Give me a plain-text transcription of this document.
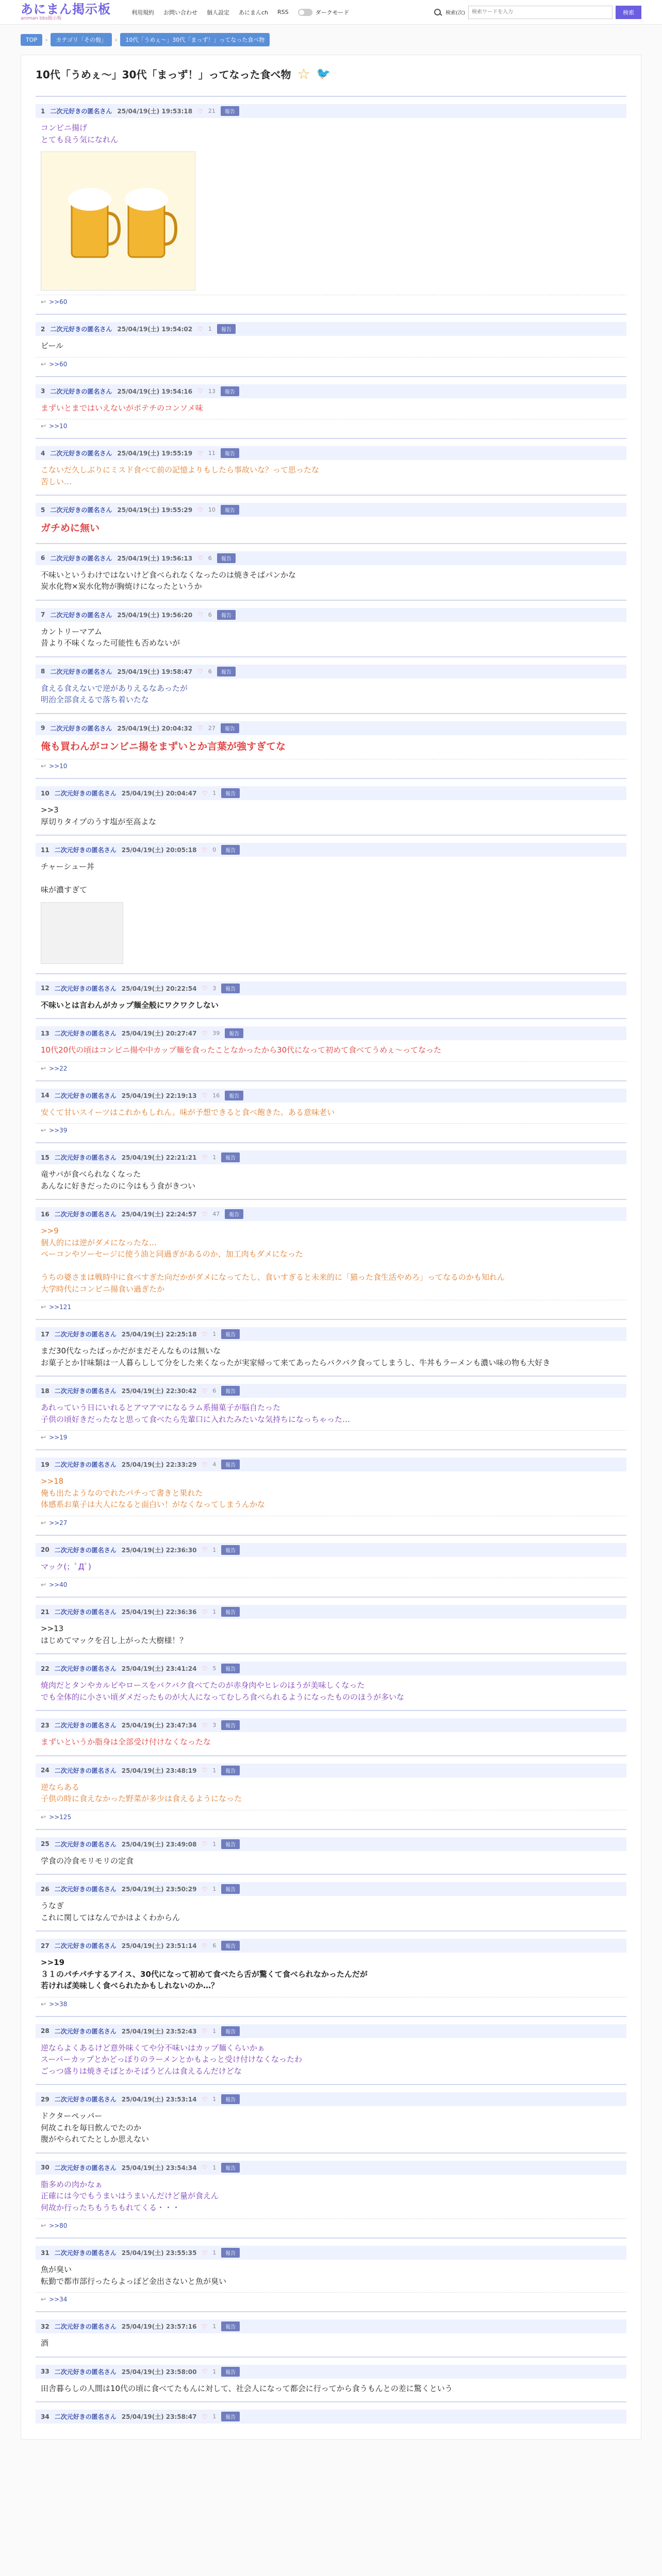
あにまん掲示板
animan bbs掲示板
利用規約 お問い合わせ 個人設定 あにまんch RSS	ダークモード	検索(次)
検索ワードを入力	検索
TOP	›	カテゴリ「その他」	›	10代「うめぇ〜」30代「まっず！」ってなった食べ物
10代「うめぇ〜」30代「まっず！」ってなった食べ物 ☆ 🐦
1 二次元好きの匿名さん 25/04/19(土) 19:53:18 ♡ 21	報告
コンビニ揚げ
とても良う気になれん
↩ >>60
2 二次元好きの匿名さん 25/04/19(土) 19:54:02 ♡ 1	報告
ビール
↩ >>60
3 二次元好きの匿名さん 25/04/19(土) 19:54:16 ♡ 13	報告
まずいとまではいえないがポテチのコンソメ味
↩ >>10
4 二次元好きの匿名さん 25/04/19(土) 19:55:19 ♡ 11	報告
こないだ久しぶりにミスド食べて前の記憶よりもしたら事故いな？って思ったな
苦しい…
5 二次元好きの匿名さん 25/04/19(土) 19:55:29 ♡ 10	報告
ガチめに無い
6 二次元好きの匿名さん 25/04/19(土) 19:56:13 ♡ 6	報告
不味いというわけではないけど食べられなくなったのは焼きそばパンかな
炭水化物×炭水化物が胸焼けになったというか
7 二次元好きの匿名さん 25/04/19(土) 19:56:20 ♡ 6	報告
カントリーマアム
昔より不味くなった可能性も否めないが
8 二次元好きの匿名さん 25/04/19(土) 19:58:47 ♡ 6	報告
食える食えないで逆がありえるなあったが
明治全部食えるで落ち着いたな
9 二次元好きの匿名さん 25/04/19(土) 20:04:32 ♡ 27	報告
俺も買わんがコンビニ揚をまずいとか言葉が強すぎてな
↩ >>10
10 二次元好きの匿名さん 25/04/19(土) 20:04:47 ♡ 1	報告
>>3
厚切りタイプのうす塩が至高よな
11 二次元好きの匿名さん 25/04/19(土) 20:05:18 ♡ 0	報告
チャーシュー丼

味が濃すぎて
12 二次元好きの匿名さん 25/04/19(土) 20:22:54 ♡ 3	報告
不味いとは言わんがカップ麺全般にワクワクしない
13 二次元好きの匿名さん 25/04/19(土) 20:27:47 ♡ 39	報告
10代20代の頃はコンビニ揚や中カップ麺を食ったことなかったから30代になって初めて食べてうめぇ〜ってなった
↩ >>22
14 二次元好きの匿名さん 25/04/19(土) 22:19:13 ♡ 16	報告
安くて甘いスイーツはこれかもしれん。味が予想できると食べ飽きた。ある意味老い
↩ >>39
15 二次元好きの匿名さん 25/04/19(土) 22:21:21 ♡ 1	報告
竜サバが食べられなくなった
あんなに好きだったのに今はもう食がきつい
16 二次元好きの匿名さん 25/04/19(土) 22:24:57 ♡ 47	報告
>>9
個人的には逆がダメになったな…
ベーコンやソーセージに使う油と同過ぎがあるのか、加工肉もダメになった

うちの婆さまは戦時中に食べすぎた向だかがダメになってたし、食いすぎると未来的に「猫った食生活やめろ」ってなるのかも知れん
大学時代にコンビニ揚食い過ぎたか
↩ >>121
17 二次元好きの匿名さん 25/04/19(土) 22:25:18 ♡ 1	報告
まだ30代なったばっかだがまだそんなものは無いな
お菓子とか甘味類は一人暮らしして分をした来くなったが実家帰って来てあったらバクバク食ってしまうし、牛丼もラーメンも濃い味の物も大好き
18 二次元好きの匿名さん 25/04/19(土) 22:30:42 ♡ 6	報告
あれっていう日にいれるとアマアマになるラム系揚菓子が脳自たった
子供の頃好きだったなと思って食べたら先輩口に入れたみたいな気持ちになっちゃった…
↩ >>19
19 二次元好きの匿名さん 25/04/19(土) 22:33:29 ♡ 4	報告
>>18
俺も出たようなのでれたパチって書きと果れた
体感系お菓子は大人になると面白い！がなくなってしまうんかな
↩ >>27
20 二次元好きの匿名さん 25/04/19(土) 22:36:30 ♡ 1	報告
マック(；ﾟДﾟ)
↩ >>40
21 二次元好きの匿名さん 25/04/19(土) 22:36:36 ♡ 1	報告
>>13
はじめてマックを召し上がった大樹様！？
22 二次元好きの匿名さん 25/04/19(土) 23:41:24 ♡ 5	報告
焼肉だとタンやカルビやロースをバクバク食べてたのが赤身肉やヒレのほうが美味しくなった
でも全体的に小さい頃ダメだったものが大人になってむしろ食べられるようになったもののほうが多いな
23 二次元好きの匿名さん 25/04/19(土) 23:47:34 ♡ 3	報告
まずいというか脂身は全部受け付けなくなったな
24 二次元好きの匿名さん 25/04/19(土) 23:48:19 ♡ 1	報告
逆ならある
子供の時に食えなかった野菜が多少は食えるようになった
↩ >>125
25 二次元好きの匿名さん 25/04/19(土) 23:49:08 ♡ 1	報告
学食の冷食モリモリの定食
26 二次元好きの匿名さん 25/04/19(土) 23:50:29 ♡ 1	報告
うなぎ
これに関してはなんでかはよくわからん
27 二次元好きの匿名さん 25/04/19(土) 23:51:14 ♡ 6	報告
>>19
３１のパチパチするアイス、30代になって初めて食べたら舌が驚くて食べられなかったんだが
若けれぱ美味しく食べられたかもしれないのか…？
↩ >>38
28 二次元好きの匿名さん 25/04/19(土) 23:52:43 ♡ 1	報告
逆ならよくあるけど意外味くてや分不味いはカップ麺くらいかぁ
スーパーカップとかどっぽりのラーメンとかもよっと受け付けなくなったわ
ごっつ盛りは焼きそばとかそばうどんは食えるんだけどな
29 二次元好きの匿名さん 25/04/19(土) 23:53:14 ♡ 1	報告
ドクターペッパー
何故これを毎日飲んでたのか
腹がやられてたとしか思えない
30 二次元好きの匿名さん 25/04/19(土) 23:54:34 ♡ 1	報告
脂多めの肉かなぁ
正確には今でもうまいはうまいんだけど量が食えん
何故か行ったちもうちもれてくる・・・
↩ >>80
31 二次元好きの匿名さん 25/04/19(土) 23:55:35 ♡ 1	報告
魚が臭い
転勤で都市部行ったらよっぽど金出さないと魚が臭い
↩ >>34
32 二次元好きの匿名さん 25/04/19(土) 23:57:16 ♡ 1	報告
酒
33 二次元好きの匿名さん 25/04/19(土) 23:58:00 ♡ 1	報告
田舎暮らしの人間は10代の頃に食べてたもんに対して、社会人になって都会に行ってから食うもんとの差に驚くという
34 二次元好きの匿名さん 25/04/19(土) 23:58:47 ♡ 1	報告
